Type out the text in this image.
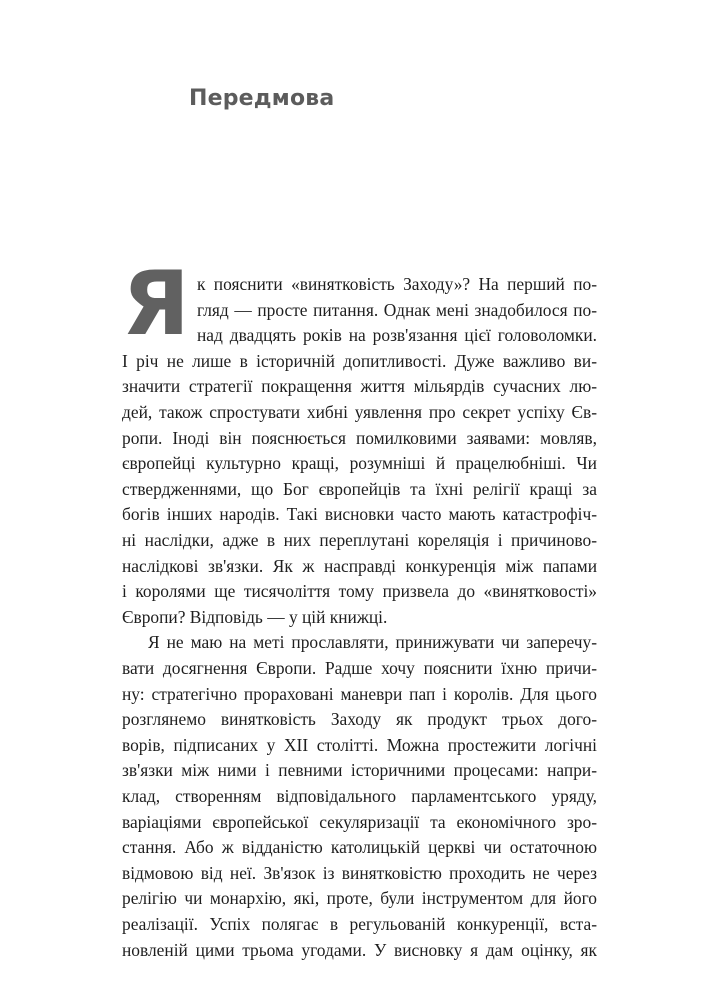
Передмова
Я к пояснити «винятковість Заходу»? На перший по-
гляд — просте питання. Однак мені знадобилося по-
над двадцять років на розв'язання цієї головоломки.
І річ не лише в історичній допитливості. Дуже важливо ви-
значити стратегії покращення життя мільярдів сучасних лю-
дей, також спростувати хибні уявлення про секрет успіху Єв-
ропи. Іноді він пояснюється помилковими заявами: мовляв,
європейці культурно кращі, розумніші й працелюбніші. Чи
ствердженнями, що Бог європейців та їхні релігії кращі за
богів інших народів. Такі висновки часто мають катастрофіч-
ні наслідки, адже в них переплутані кореляція і причиново-
наслідкові зв'язки. Як ж насправді конкуренція між папами
і королями ще тисячоліття тому призвела до «винятковості»
Європи? Відповідь — у цій книжці.
Я не маю на меті прославляти, принижувати чи заперечу-
вати досягнення Європи. Радше хочу пояснити їхню причи-
ну: стратегічно прораховані маневри пап і королів. Для цього
розглянемо винятковість Заходу як продукт трьох дого-
ворів, підписаних у XII столітті. Можна простежити логічні
зв'язки між ними і певними історичними процесами: напри-
клад, створенням відповідального парламентського уряду,
варіаціями європейської секуляризації та економічного зро-
стання. Або ж відданістю католицькій церкві чи остаточною
відмовою від неї. Зв'язок із винятковістю проходить не через
релігію чи монархію, які, проте, були інструментом для його
реалізації. Успіх полягає в регульованій конкуренції, вста-
новленій цими трьома угодами. У висновку я дам оцінку, як
